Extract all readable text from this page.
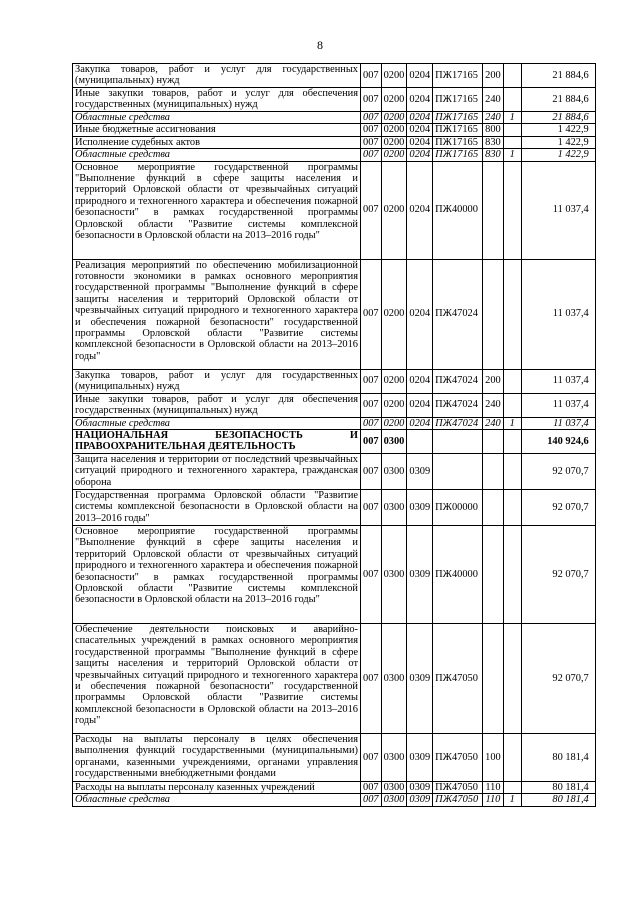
8
Закупка товаров, работ и услуг для государственных (муниципальных) нужд	007	0200	0204	ПЖ17165	200		21 884,6
Иные закупки товаров, работ и услуг для обеспечения государственных (муниципальных) нужд	007	0200	0204	ПЖ17165	240		21 884,6
Областные средства	007	0200	0204	ПЖ17165	240	1	21 884,6
Иные бюджетные ассигнования	007	0200	0204	ПЖ17165	800		1 422,9
Исполнение судебных актов	007	0200	0204	ПЖ17165	830		1 422,9
Областные средства	007	0200	0204	ПЖ17165	830	1	1 422,9
Основное мероприятие государственной программы "Выполнение функций в сфере защиты населения и территорий Орловской области от чрезвычайных ситуаций природного и техногенного характера и обеспечения пожарной безопасности" в рамках государственной программы Орловской области "Развитие системы комплексной безопасности в Орловской области на 2013–2016 годы"	007	0200	0204	ПЖ40000			11 037,4
Реализация мероприятий по обеспечению мобилизационной готовности экономики в рамках основного мероприятия государственной программы "Выполнение функций в сфере защиты населения и территорий Орловской области от чрезвычайных ситуаций природного и техногенного характера и обеспечения пожарной безопасности" государственной программы Орловской области "Развитие системы комплексной безопасности в Орловской области на 2013–2016 годы"	007	0200	0204	ПЖ47024			11 037,4
Закупка товаров, работ и услуг для государственных (муниципальных) нужд	007	0200	0204	ПЖ47024	200		11 037,4
Иные закупки товаров, работ и услуг для обеспечения государственных (муниципальных) нужд	007	0200	0204	ПЖ47024	240		11 037,4
Областные средства	007	0200	0204	ПЖ47024	240	1	11 037,4
НАЦИОНАЛЬНАЯ БЕЗОПАСНОСТЬ И ПРАВООХРАНИТЕЛЬНАЯ ДЕЯТЕЛЬНОСТЬ	007	0300					140 924,6
Защита населения и территории от последствий чрезвычайных ситуаций природного и техногенного характера, гражданская оборона	007	0300	0309				92 070,7
Государственная программа Орловской области "Развитие системы комплексной безопасности в Орловской области на 2013–2016 годы"	007	0300	0309	ПЖ00000			92 070,7
Основное мероприятие государственной программы "Выполнение функций в сфере защиты населения и территорий Орловской области от чрезвычайных ситуаций природного и техногенного характера и обеспечения пожарной безопасности" в рамках государственной программы Орловской области "Развитие системы комплексной безопасности в Орловской области на 2013–2016 годы"	007	0300	0309	ПЖ40000			92 070,7
Обеспечение деятельности поисковых и аварийно-спасательных учреждений в рамках основного мероприятия государственной программы "Выполнение функций в сфере защиты населения и территорий Орловской области от чрезвычайных ситуаций природного и техногенного характера и обеспечения пожарной безопасности" государственной программы Орловской области "Развитие системы комплексной безопасности в Орловской области на 2013–2016 годы"	007	0300	0309	ПЖ47050			92 070,7
Расходы на выплаты персоналу в целях обеспечения выполнения функций государственными (муниципальными) органами, казенными учреждениями, органами управления государственными внебюджетными фондами	007	0300	0309	ПЖ47050	100		80 181,4
Расходы на выплаты персоналу казенных учреждений	007	0300	0309	ПЖ47050	110		80 181,4
Областные средства	007	0300	0309	ПЖ47050	110	1	80 181,4
